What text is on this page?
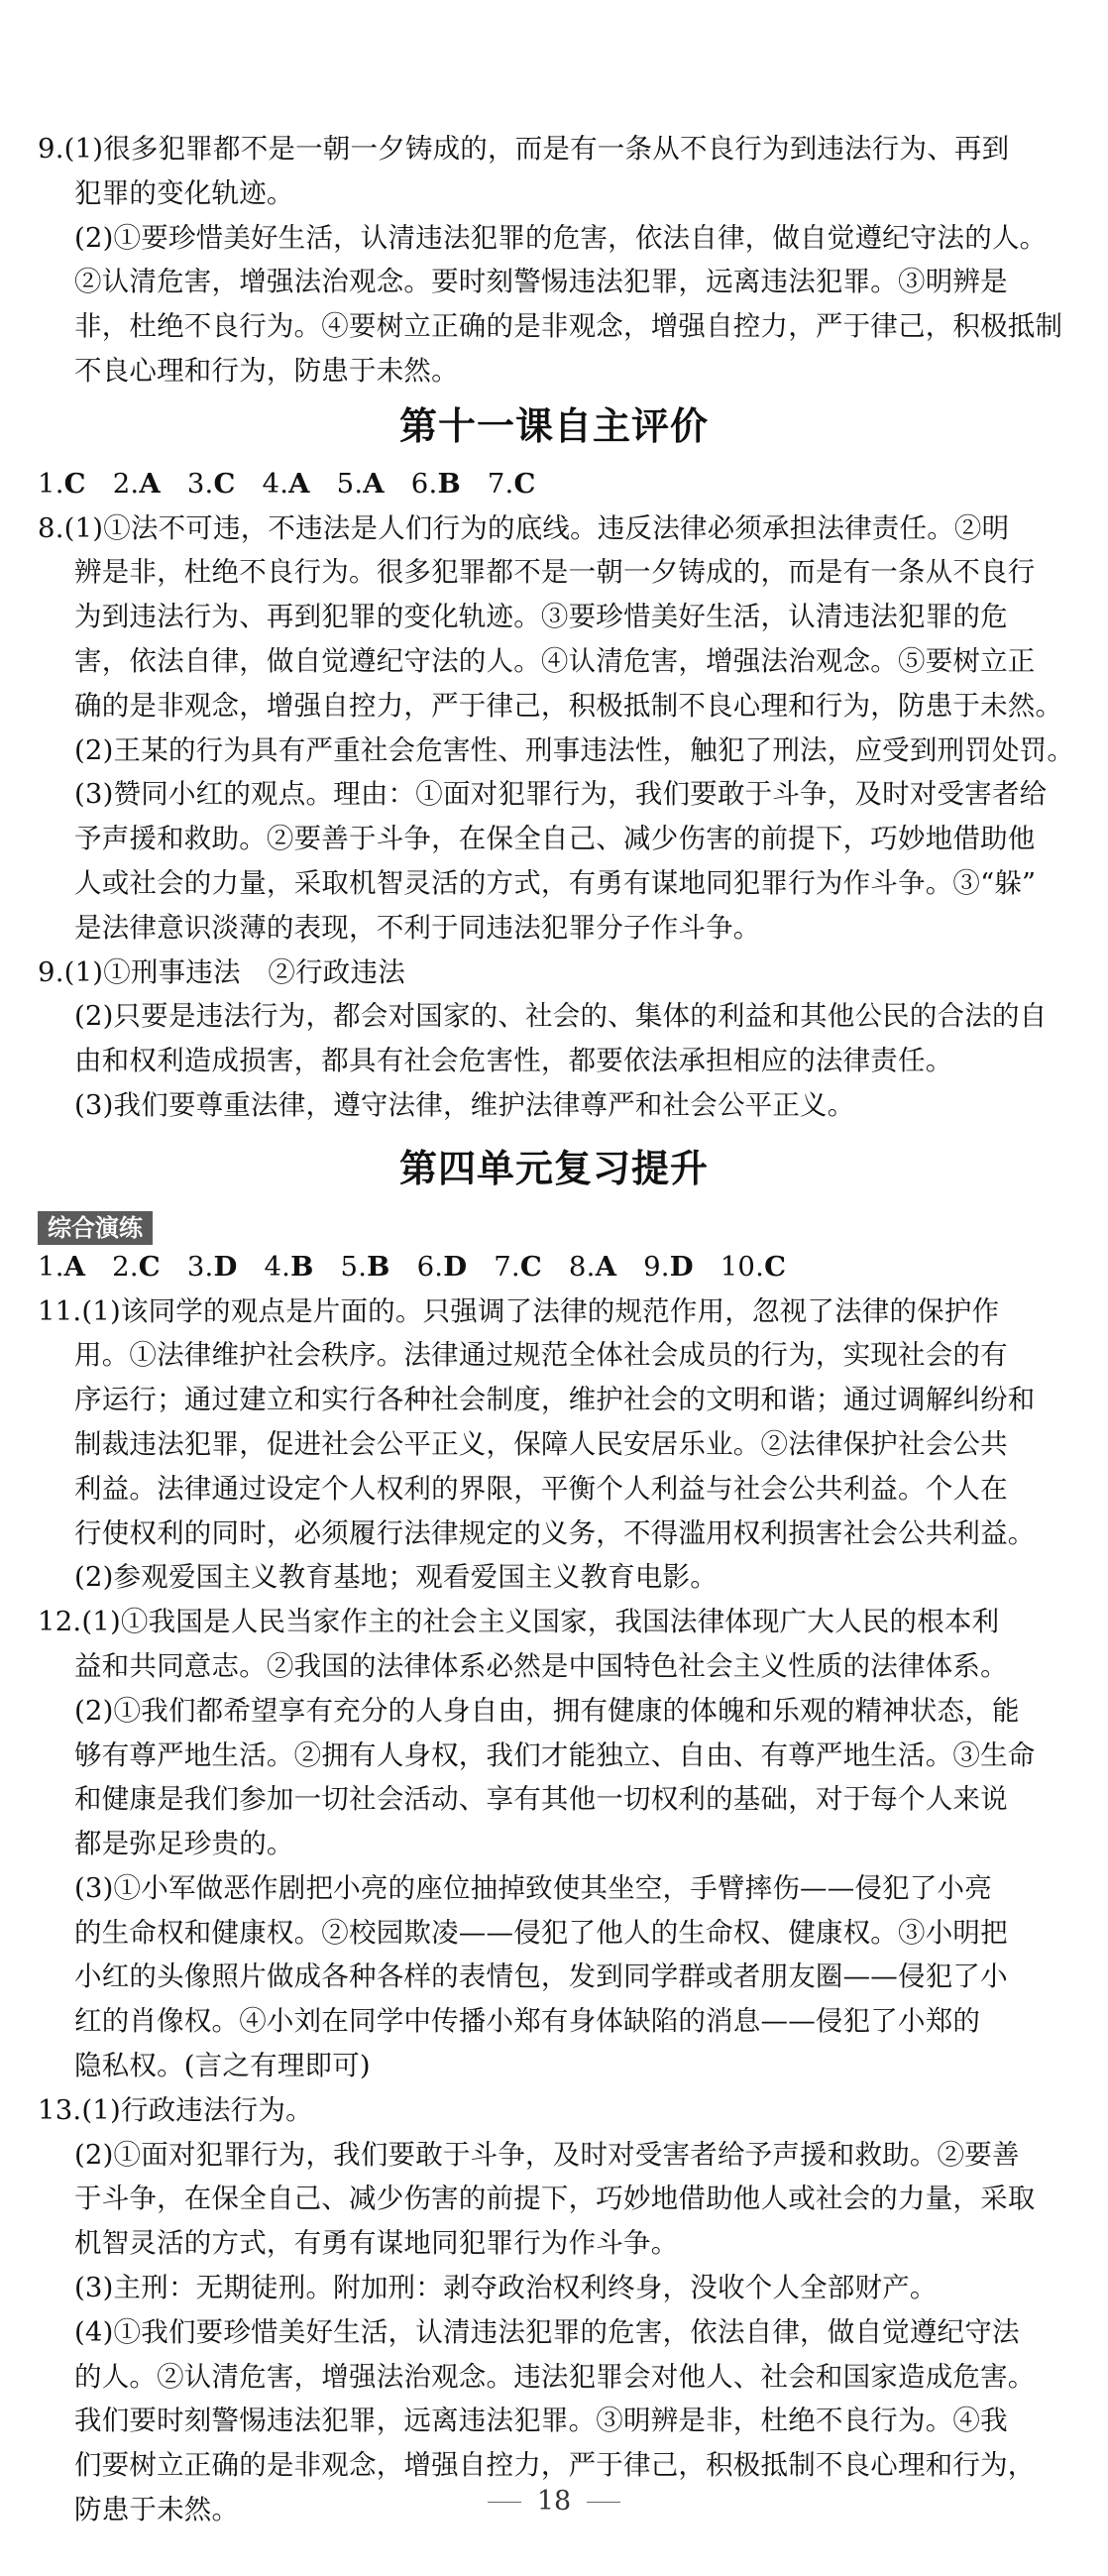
9.(1)很多犯罪都不是一朝一夕铸成的，而是有一条从不良行为到违法行为、再到
犯罪的变化轨迹。
(2)①要珍惜美好生活，认清违法犯罪的危害，依法自律，做自觉遵纪守法的人。
②认清危害，增强法治观念。要时刻警惕违法犯罪，远离违法犯罪。③明辨是
非，杜绝不良行为。④要树立正确的是非观念，增强自控力，严于律己，积极抵制
不良心理和行为，防患于未然。
第十一课自主评价
1.C 2.A 3.C 4.A 5.A 6.B 7.C
8.(1)①法不可违，不违法是人们行为的底线。违反法律必须承担法律责任。②明
辨是非，杜绝不良行为。很多犯罪都不是一朝一夕铸成的，而是有一条从不良行
为到违法行为、再到犯罪的变化轨迹。③要珍惜美好生活，认清违法犯罪的危
害，依法自律，做自觉遵纪守法的人。④认清危害，增强法治观念。⑤要树立正
确的是非观念，增强自控力，严于律己，积极抵制不良心理和行为，防患于未然。
(2)王某的行为具有严重社会危害性、刑事违法性，触犯了刑法，应受到刑罚处罚。
(3)赞同小红的观点。理由：①面对犯罪行为，我们要敢于斗争，及时对受害者给
予声援和救助。②要善于斗争，在保全自己、减少伤害的前提下，巧妙地借助他
人或社会的力量，采取机智灵活的方式，有勇有谋地同犯罪行为作斗争。③“躲”
是法律意识淡薄的表现，不利于同违法犯罪分子作斗争。
9.(1)①刑事违法　②行政违法
(2)只要是违法行为，都会对国家的、社会的、集体的利益和其他公民的合法的自
由和权利造成损害，都具有社会危害性，都要依法承担相应的法律责任。
(3)我们要尊重法律，遵守法律，维护法律尊严和社会公平正义。
第四单元复习提升
综合演练
1.A 2.C 3.D 4.B 5.B 6.D 7.C 8.A 9.D 10.C
11.(1)该同学的观点是片面的。只强调了法律的规范作用，忽视了法律的保护作
用。①法律维护社会秩序。法律通过规范全体社会成员的行为，实现社会的有
序运行；通过建立和实行各种社会制度，维护社会的文明和谐；通过调解纠纷和
制裁违法犯罪，促进社会公平正义，保障人民安居乐业。②法律保护社会公共
利益。法律通过设定个人权利的界限，平衡个人利益与社会公共利益。个人在
行使权利的同时，必须履行法律规定的义务，不得滥用权利损害社会公共利益。
(2)参观爱国主义教育基地；观看爱国主义教育电影。
12.(1)①我国是人民当家作主的社会主义国家，我国法律体现广大人民的根本利
益和共同意志。②我国的法律体系必然是中国特色社会主义性质的法律体系。
(2)①我们都希望享有充分的人身自由，拥有健康的体魄和乐观的精神状态，能
够有尊严地生活。②拥有人身权，我们才能独立、自由、有尊严地生活。③生命
和健康是我们参加一切社会活动、享有其他一切权利的基础，对于每个人来说
都是弥足珍贵的。
(3)①小军做恶作剧把小亮的座位抽掉致使其坐空，手臂摔伤——侵犯了小亮
的生命权和健康权。②校园欺凌——侵犯了他人的生命权、健康权。③小明把
小红的头像照片做成各种各样的表情包，发到同学群或者朋友圈——侵犯了小
红的肖像权。④小刘在同学中传播小郑有身体缺陷的消息——侵犯了小郑的
隐私权。(言之有理即可)
13.(1)行政违法行为。
(2)①面对犯罪行为，我们要敢于斗争，及时对受害者给予声援和救助。②要善
于斗争，在保全自己、减少伤害的前提下，巧妙地借助他人或社会的力量，采取
机智灵活的方式，有勇有谋地同犯罪行为作斗争。
(3)主刑：无期徒刑。附加刑：剥夺政治权利终身，没收个人全部财产。
(4)①我们要珍惜美好生活，认清违法犯罪的危害，依法自律，做自觉遵纪守法
的人。②认清危害，增强法治观念。违法犯罪会对他人、社会和国家造成危害。
我们要时刻警惕违法犯罪，远离违法犯罪。③明辨是非，杜绝不良行为。④我
们要树立正确的是非观念，增强自控力，严于律己，积极抵制不良心理和行为，
防患于未然。	18
